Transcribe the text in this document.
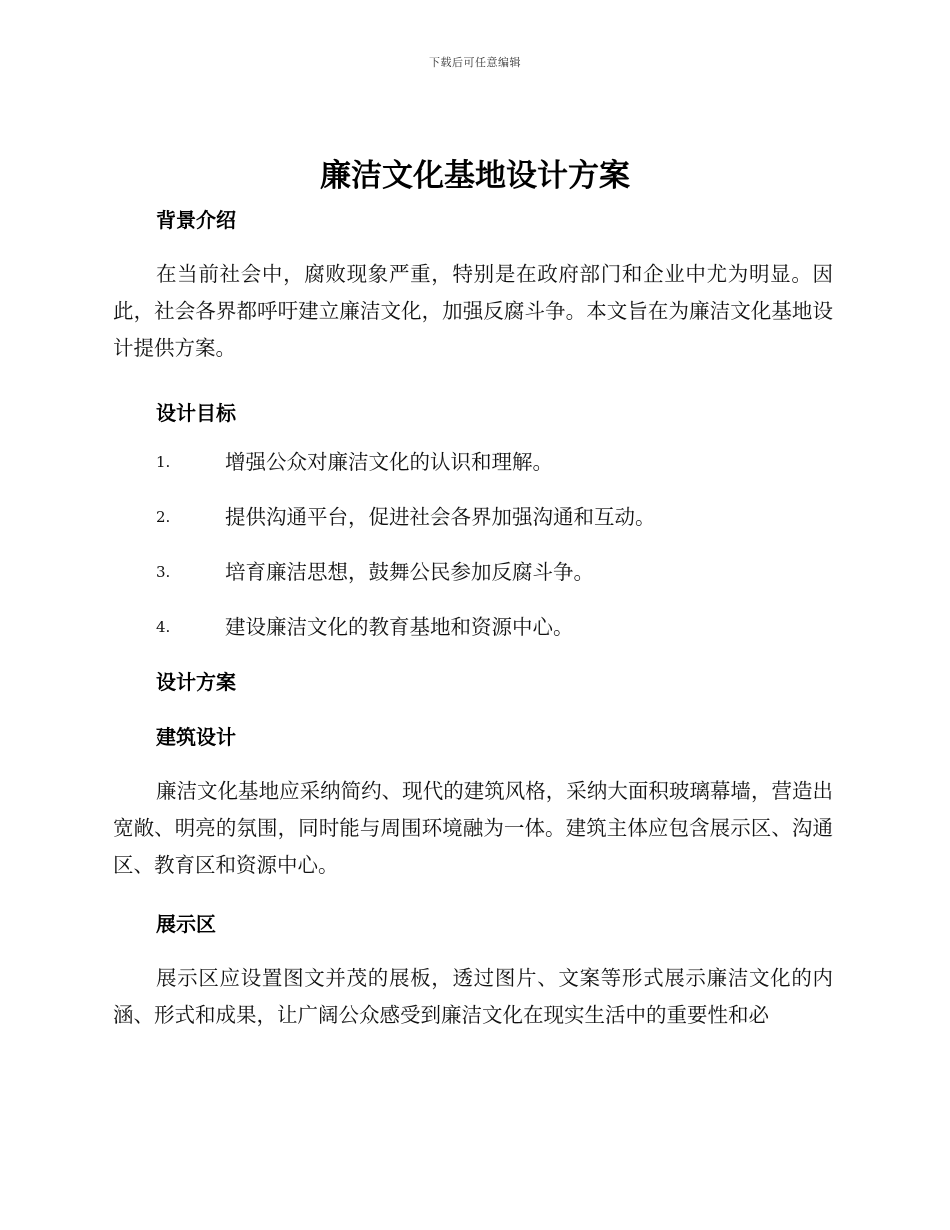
下载后可任意编辑
廉洁文化基地设计方案
背景介绍

在当前社会中，腐败现象严重，特别是在政府部门和企业中尤为明显。因此，社会各界都呼吁建立廉洁文化，加强反腐斗争。本文旨在为廉洁文化基地设计提供方案。

设计目标
1.	增强公众对廉洁文化的认识和理解。
2.	提供沟通平台，促进社会各界加强沟通和互动。
3.	培育廉洁思想，鼓舞公民参加反腐斗争。
4.	建设廉洁文化的教育基地和资源中心。
设计方案
建筑设计

廉洁文化基地应采纳简约、现代的建筑风格，采纳大面积玻璃幕墙，营造出宽敞、明亮的氛围，同时能与周围环境融为一体。建筑主体应包含展示区、沟通区、教育区和资源中心。

展示区

展示区应设置图文并茂的展板，透过图片、文案等形式展示廉洁文化的内涵、形式和成果，让广阔公众感受到廉洁文化在现实生活中的重要性和必
